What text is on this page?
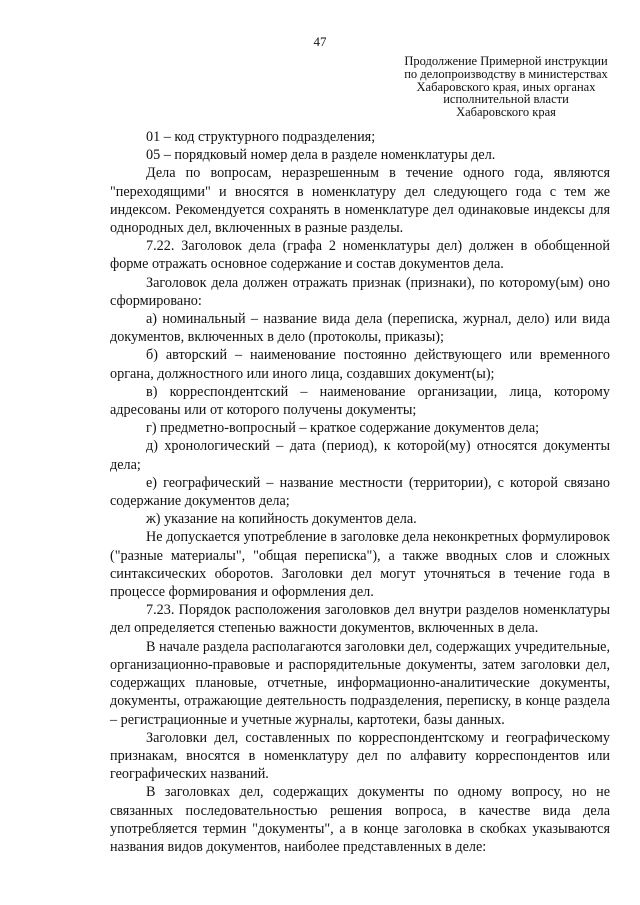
47
Продолжение Примерной инструкции
по делопроизводству в министерствах
Хабаровского края, иных органах
исполнительной власти
Хабаровского края

01 – код структурного подразделения;

05 – порядковый номер дела в разделе номенклатуры дел.

Дела по вопросам, неразрешенным в течение одного года, являются "переходящими" и вносятся в номенклатуру дел следующего года с тем же индексом. Рекомендуется сохранять в номенклатуре дел одинаковые индексы для однородных дел, включенных в разные разделы.

7.22. Заголовок дела (графа 2 номенклатуры дел) должен в обобщенной форме отражать основное содержание и состав документов дела.

Заголовок дела должен отражать признак (признаки), по которому(ым) оно сформировано:

а) номинальный – название вида дела (переписка, журнал, дело) или вида документов, включенных в дело (протоколы, приказы);

б) авторский – наименование постоянно действующего или временного органа, должностного или иного лица, создавших документ(ы);

в) корреспондентский – наименование организации, лица, которому адресованы или от которого получены документы;

г) предметно-вопросный – краткое содержание документов дела;

д) хронологический – дата (период), к которой(му) относятся документы дела;

е) географический – название местности (территории), с которой связано содержание документов дела;

ж) указание на копийность документов дела.

Не допускается употребление в заголовке дела неконкретных формулировок ("разные материалы", "общая переписка"), а также вводных слов и сложных синтаксических оборотов. Заголовки дел могут уточняться в течение года в процессе формирования и оформления дел.

7.23. Порядок расположения заголовков дел внутри разделов номенклатуры дел определяется степенью важности документов, включенных в дела.

В начале раздела располагаются заголовки дел, содержащих учредительные, организационно-правовые и распорядительные документы, затем заголовки дел, содержащих плановые, отчетные, информационно-аналитические документы, документы, отражающие деятельность подразделения, переписку, в конце раздела – регистрационные и учетные журналы, картотеки, базы данных.

Заголовки дел, составленных по корреспондентскому и географическому признакам, вносятся в номенклатуру дел по алфавиту корреспондентов или географических названий.

В заголовках дел, содержащих документы по одному вопросу, но не связанных последовательностью решения вопроса, в качестве вида дела употребляется термин "документы", а в конце заголовка в скобках указываются названия видов документов, наиболее представленных в деле:
